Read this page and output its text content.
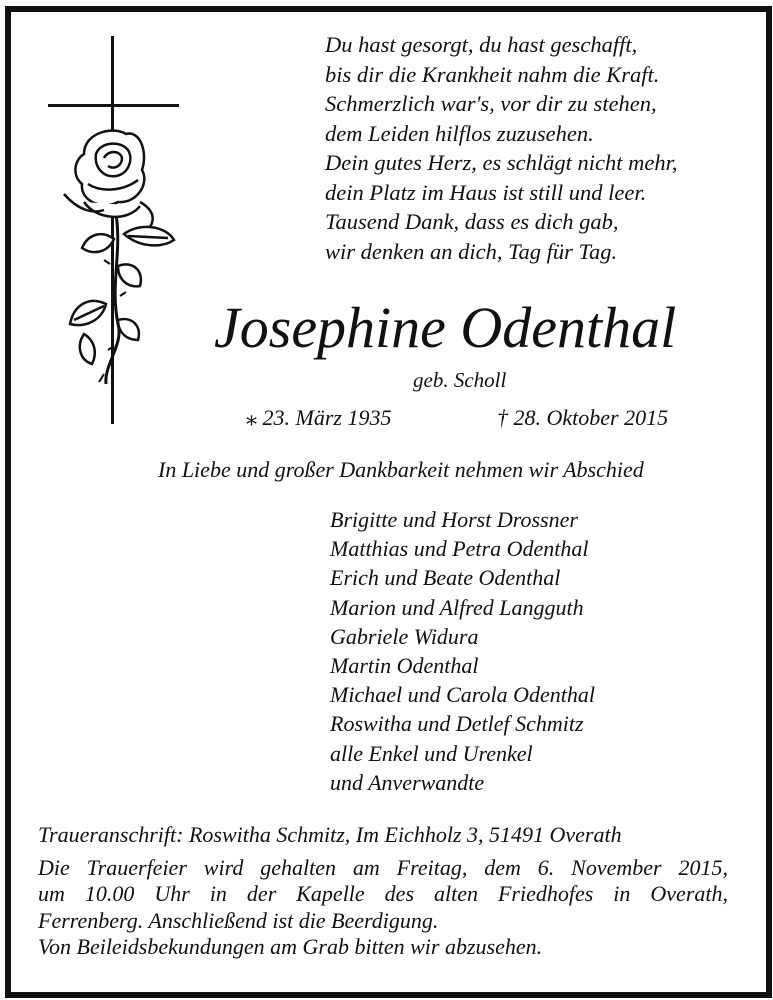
Du hast gesorgt, du hast geschafft,
bis dir die Krankheit nahm die Kraft.
Schmerzlich war's, vor dir zu stehen,
dem Leiden hilflos zuzusehen.
Dein gutes Herz, es schlägt nicht mehr,
dein Platz im Haus ist still und leer.
Tausend Dank, dass es dich gab,
wir denken an dich, Tag für Tag.
Josephine Odenthal
geb. Scholl
⁎ 23. März 1935	† 28. Oktober 2015
In Liebe und großer Dankbarkeit nehmen wir Abschied
Brigitte und Horst Drossner
Matthias und Petra Odenthal
Erich und Beate Odenthal
Marion und Alfred Langguth
Gabriele Widura
Martin Odenthal
Michael und Carola Odenthal
Roswitha und Detlef Schmitz
alle Enkel und Urenkel
und Anverwandte
Traueranschrift: Roswitha Schmitz, Im Eichholz 3, 51491 Overath
Die Trauerfeier wird gehalten am Freitag, dem 6. November 2015,
um 10.00 Uhr in der Kapelle des alten Friedhofes in Overath,
Ferrenberg. Anschließend ist die Beerdigung.
Von Beileidsbekundungen am Grab bitten wir abzusehen.
